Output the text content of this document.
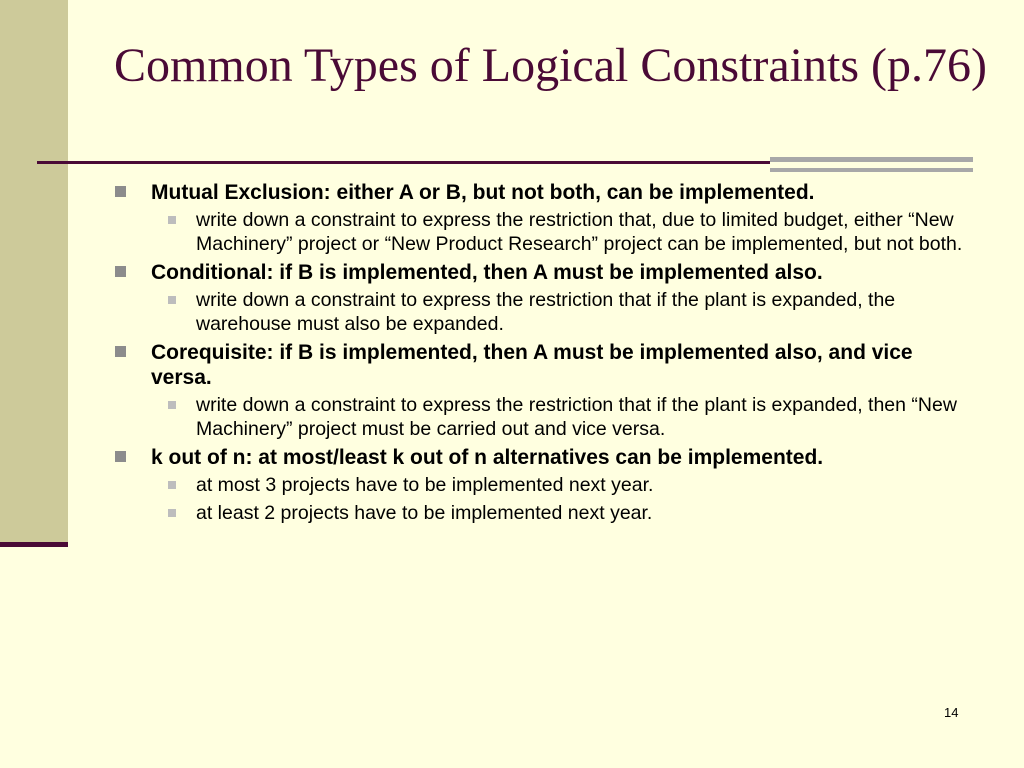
Common Types of Logical Constraints (p.76)
Mutual Exclusion: either A or B, but not both, can be implemented.
write down a constraint to express the restriction that, due to limited budget, either “New Machinery” project or “New Product Research” project can be implemented, but not both.
Conditional: if B is implemented, then A must be implemented also.
write down a constraint to express the restriction that if the plant is expanded, the warehouse must also be expanded.
Corequisite: if B is implemented, then A must be implemented also, and vice versa.
write down a constraint to express the restriction that if the plant is expanded, then “New Machinery” project must be carried out and vice versa.
k out of n: at most/least k out of n alternatives can be implemented.
at most 3 projects have to be implemented next year.
at least 2 projects have to be implemented next year.
14
